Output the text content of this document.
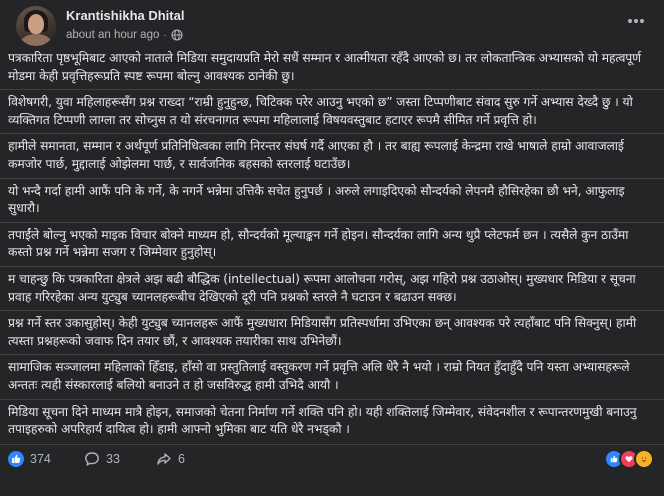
Krantishikha Dhital
about an hour ago ·

पत्रकारिता पृष्ठभूमिबाट आएको नाताले मिडिया समुदायप्रति मेरो सधैं सम्मान र आत्मीयता रहँदै आएको छ। तर लोकतान्त्रिक अभ्यासको यो महत्वपूर्ण मोडमा केही प्रवृत्तिहरूप्रति स्पष्ट रूपमा बोल्नु आवश्यक ठानेकी छु।

विशेषगरी, युवा महिलाहरूसँग प्रश्न राख्दा “राम्री हुनुहुन्छ, चिटिक्क परेर आउनु भएको छ” जस्ता टिप्पणीबाट संवाद सुरु गर्ने अभ्यास देख्दै छु । यो व्यक्तिगत टिप्पणी लाग्ला तर सोच्नुस त यो संरचनागत रूपमा महिलालाई विषयवस्तुबाट हटाएर रूपमै सीमित गर्ने प्रवृत्ति हो।

हामीले समानता, सम्मान र अर्थपूर्ण प्रतिनिधित्वका लागि निरन्तर संघर्ष गर्दै आएका हौ । तर बाह्य रूपलाई केन्द्रमा राखे भाषाले हाम्रो आवाजलाई कमजोर पार्छ, मुद्दालाई ओझेलमा पार्छ, र सार्वजनिक बहसको स्तरलाई घटाउँछ।

यो भन्दै गर्दा हामी आफैं पनि के गर्ने, के नगर्ने भन्नेमा उत्तिकै सचेत हुनुपर्छ । अरुले लगाइदिएको सौन्दर्यको लेपनमै हौसिरहेका छौ भने, आफुलाइ सुधारौ।

तपाईंले बोल्नु भएको माइक विचार बोक्ने माध्यम हो, सौन्दर्यको मूल्याङ्कन गर्ने होइन। सौन्दर्यका लागि अन्य थुप्रै प्लेटफर्म छन । त्यसैले कुन ठाउँमा कस्तो प्रश्न गर्ने भन्नेमा सजग र जिम्मेवार हुनुहोस्।

म चाहन्छु कि पत्रकारिता क्षेत्रले अझ बढी बौद्धिक (intellectual) रूपमा आलोचना गरोस्, अझ गहिरो प्रश्न उठाओस्। मुख्यधार मिडिया र सूचना प्रवाह गरिरहेका अन्य युट्युब च्यानलहरूबीच देखिएको दूरी पनि प्रश्नको स्तरले नै घटाउन र बढाउन सक्छ।

प्रश्न गर्ने स्तर उकासुहोस्। केही युट्युब च्यानलहरू आफैं मुख्यधारा मिडियासँग प्रतिस्पर्धामा उभिएका छन् आवश्यक परे त्यहाँबाट पनि सिक्नुस्। हामी त्यस्ता प्रश्नहरूको जवाफ दिन तयार छौं, र आवश्यक तयारीका साथ उभिनेछौं।

सामाजिक सञ्जालमा महिलाको हिँडाइ, हाँसो वा प्रस्तुतिलाई वस्तुकरण गर्ने प्रवृत्ति अलि धेरै नै भयो । राम्रो नियत हुँदाहुँदै पनि यस्ता अभ्यासहरूले अन्ततः त्यही संस्कारलाई बलियो बनाउने त हो जसविरुद्ध हामी उभिदै आयौ ।

मिडिया सूचना दिने माध्यम मात्रै होइन, समाजको चेतना निर्माण गर्ने शक्ति पनि हो। यही शक्तिलाई जिम्मेवार, संवेदनशील र रूपान्तरणमुखी बनाउनु तपाइहरुको अपरिहार्य दायित्व हो। हामी आफ्नो भुमिका बाट यति धेरै नभड्कौ ।

374	33	6
